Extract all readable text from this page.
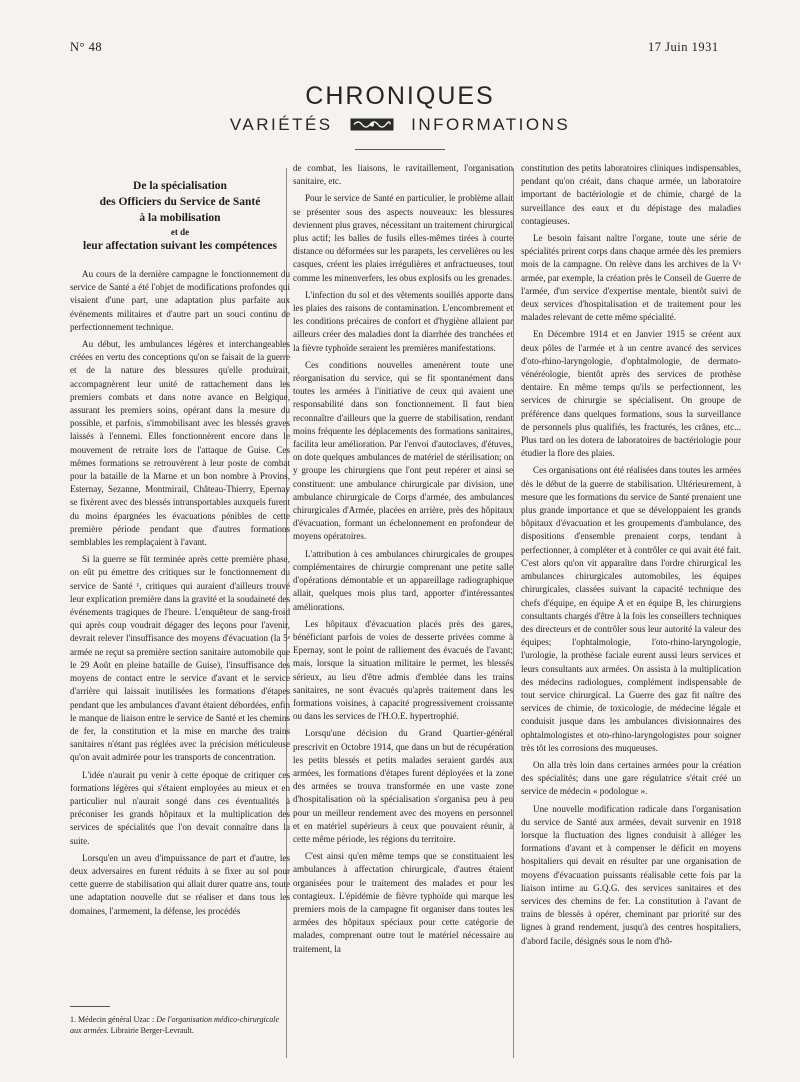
N° 48	17 Juin 1931
CHRONIQUES
VARIÉTÉS	INFORMATIONS
De la spécialisation
des Officiers du Service de Santé
à la mobilisation
et de
leur affectation suivant les compétences

Au cours de la dernière campagne le fonctionnement du service de Santé a été l'objet de modifications profondes qui visaient d'une part, une adaptation plus parfaite aux événements militaires et d'autre part un souci continu de perfectionnement technique.

Au début, les ambulances légères et interchangeables créées en vertu des conceptions qu'on se faisait de la guerre et de la nature des blessures qu'elle produirait, accompagnèrent leur unité de rattachement dans les premiers combats et dans notre avance en Belgique, assurant les premiers soins, opérant dans la mesure du possible, et parfois, s'immobilisant avec les blessés graves laissés à l'ennemi. Elles fonctionnèrent encore dans le mouvement de retraite lors de l'attaque de Guise. Ces mêmes formations se retrouvèrent à leur poste de combat pour la bataille de la Marne et un bon nombre à Provins, Esternay, Sezanne, Montmirail, Château-Thierry, Epernay se fixèrent avec des blessés intransportables auxquels furent du moins épargnées les évacuations pénibles de cette première période pendant que d'autres formations semblables les remplaçaient à l'avant.

Si la guerre se fût terminée après cette première phase, on eût pu émettre des critiques sur le fonctionnement du service de Santé ¹, critiques qui auraient d'ailleurs trouvé leur explication première dans la gravité et la soudaineté des événements tragiques de l'heure. L'enquêteur de sang-froid qui après coup voudrait dégager des leçons pour l'avenir, devrait relever l'insuffisance des moyens d'évacuation (la 5ᵉ armée ne reçut sa première section sanitaire automobile que le 29 Août en pleine bataille de Guise), l'insuffisance des moyens de contact entre le service d'avant et le service d'arrière qui laissait inutilisées les formations d'étapes pendant que les ambulances d'avant étaient débordées, enfin le manque de liaison entre le service de Santé et les chemins de fer, la constitution et la mise en marche des trains sanitaires n'étant pas réglées avec la précision méticuleuse qu'on avait admirée pour les transports de concentration.

L'idée n'aurait pu venir à cette époque de critiquer ces formations légères qui s'étaient employées au mieux et en particulier nul n'aurait songé dans ces éventualités à préconiser les grands hôpitaux et la multiplication des services de spécialités que l'on devait connaître dans la suite.

Lorsqu'en un aveu d'impuissance de part et d'autre, les deux adversaires en furent réduits à se fixer au sol pour cette guerre de stabilisation qui allait durer quatre ans, toute une adaptation nouvelle dut se réaliser et dans tous les domaines, l'armement, la défense, les procédés

1. Médecin général Uzac : De l'organisation médico-chirurgicale aux armées. Librairie Berger-Levrault.

de combat, les liaisons, le ravitaillement, l'organisation sanitaire, etc.

Pour le service de Santé en particulier, le problème allait se présenter sous des aspects nouveaux: les blessures deviennent plus graves, nécessitant un traitement chirurgical plus actif; les balles de fusils elles-mêmes tirées à courte distance ou déformées sur les parapets, les cervelières ou les casques, créent les plaies irrégulières et anfractueuses, tout comme les minenverfers, les obus explosifs ou les grenades.

L'infection du sol et des vêtements souillés apporte dans les plaies des raisons de contamination. L'encombrement et les conditions précaires de confort et d'hygiène allaient par ailleurs créer des maladies dont la diarrhée des tranchées et la fièvre typhoïde seraient les premières manifestations.

Ces conditions nouvelles amenèrent toute une réorganisation du service, qui se fit spontanément dans toutes les armées à l'initiative de ceux qui avaient une responsabilité dans son fonctionnement. Il faut bien reconnaître d'ailleurs que la guerre de stabilisation, rendant moins fréquente les déplacements des formations sanitaires, facilita leur amélioration. Par l'envoi d'autoclaves, d'étuves, on dote quelques ambulances de matériel de stérilisation; on y groupe les chirurgiens que l'ont peut repérer et ainsi se constituent: une ambulance chirurgicale par division, une ambulance chirurgicale de Corps d'armée, des ambulances chirurgicales d'Armée, placées en arrière, près des hôpitaux d'évacuation, formant un échelonnement en profondeur de moyens opératoires.

L'attribution à ces ambulances chirurgicales de groupes complémentaires de chirurgie comprenant une petite salle d'opérations démontable et un appareillage radiographique allait, quelques mois plus tard, apporter d'intéressantes améliorations.

Les hôpitaux d'évacuation placés près des gares, bénéficiant parfois de voies de desserte privées comme à Epernay, sont le point de ralliement des évacués de l'avant; mais, lorsque la situation militaire le permet, les blessés sérieux, au lieu d'être admis d'emblée dans les trains sanitaires, ne sont évacués qu'après traitement dans les formations voisines, à capacité progressivement croissante ou dans les services de l'H.O.E. hypertrophié.

Lorsqu'une décision du Grand Quartier-général prescrivit en Octobre 1914, que dans un but de récupération les petits blessés et petits malades seraient gardés aux armées, les formations d'étapes furent déployées et la zone des armées se trouva transformée en une vaste zone d'hospitalisation où la spécialisation s'organisa peu à peu pour un meilleur rendement avec des moyens en personnel et en matériel supérieurs à ceux que pouvaient réunir, à cette même période, les régions du territoire.

C'est ainsi qu'en même temps que se constituaient les ambulances à affectation chirurgicale, d'autres étaient organisées pour le traitement des malades et pour les contagieux. L'épidémie de fièvre typhoïde qui marque les premiers mois de la campagne fit organiser dans toutes les armées des hôpitaux spéciaux pour cette catégorie de malades, comprenant outre tout le matériel nécessaire au traitement, la

constitution des petits laboratoires cliniques indispensables, pendant qu'on créait, dans chaque armée, un laboratoire important de bactériologie et de chimie, chargé de la surveillance des eaux et du dépistage des maladies contagieuses.

Le besoin faisant naître l'organe, toute une série de spécialités prirent corps dans chaque armée dès les premiers mois de la campagne. On relève dans les archives de la Vᵉ armée, par exemple, la création près le Conseil de Guerre de l'armée, d'un service d'expertise mentale, bientôt suivi de deux services d'hospitalisation et de traitement pour les malades relevant de cette même spécialité.

En Décembre 1914 et en Janvier 1915 se créent aux deux pôles de l'armée et à un centre avancé des services d'oto-rhino-laryngologie, d'ophtalmologie, de dermato-vénéréologie, bientôt après des services de prothèse dentaire. En même temps qu'ils se perfectionnent, les services de chirurgie se spécialisent. On groupe de préférence dans quelques formations, sous la surveillance de personnels plus qualifiés, les fracturés, les crânes, etc... Plus tard on les dotera de laboratoires de bactériologie pour étudier la flore des plaies.

Ces organisations ont été réalisées dans toutes les armées dès le début de la guerre de stabilisation. Ultérieurement, à mesure que les formations du service de Santé prenaient une plus grande importance et que se développaient les grands hôpitaux d'évacuation et les groupements d'ambulance, des dispositions d'ensemble prenaient corps, tendant à perfectionner, à compléter et à contrôler ce qui avait été fait. C'est alors qu'on vit apparaître dans l'ordre chirurgical les ambulances chirurgicales automobiles, les équipes chirurgicales, classées suivant la capacité technique des chefs d'équipe, en équipe A et en équipe B, les chirurgiens consultants chargés d'être à la fois les conseillers techniques des directeurs et de contrôler sous leur autorité la valeur des équipes; l'ophtalmologie, l'oto-rhino-laryngologie, l'urologie, la prothèse faciale eurent aussi leurs services et leurs consultants aux armées. On assista à la multiplication des médecins radiologues, complément indispensable de tout service chirurgical. La Guerre des gaz fit naître des services de chimie, de toxicologie, de médecine légale et conduisit jusque dans les ambulances divisionnaires des ophtalmologistes et oto-rhino-laryngologistes pour soigner très tôt les corrosions des muqueuses.

On alla très loin dans certaines armées pour la création des spécialités; dans une gare régulatrice s'était créé un service de médecin « podologue ».

Une nouvelle modification radicale dans l'organisation du service de Santé aux armées, devait survenir en 1918 lorsque la fluctuation des lignes conduisit à alléger les formations d'avant et à compenser le déficit en moyens hospitaliers qui devait en résulter par une organisation de moyens d'évacuation puissants réalisable cette fois par la liaison intime au G.Q.G. des services sanitaires et des services des chemins de fer. La constitution à l'avant de trains de blessés à opérer, cheminant par priorité sur des lignes à grand rendement, jusqu'à des centres hospitaliers, d'abord facile, désignés sous le nom d'hô-
